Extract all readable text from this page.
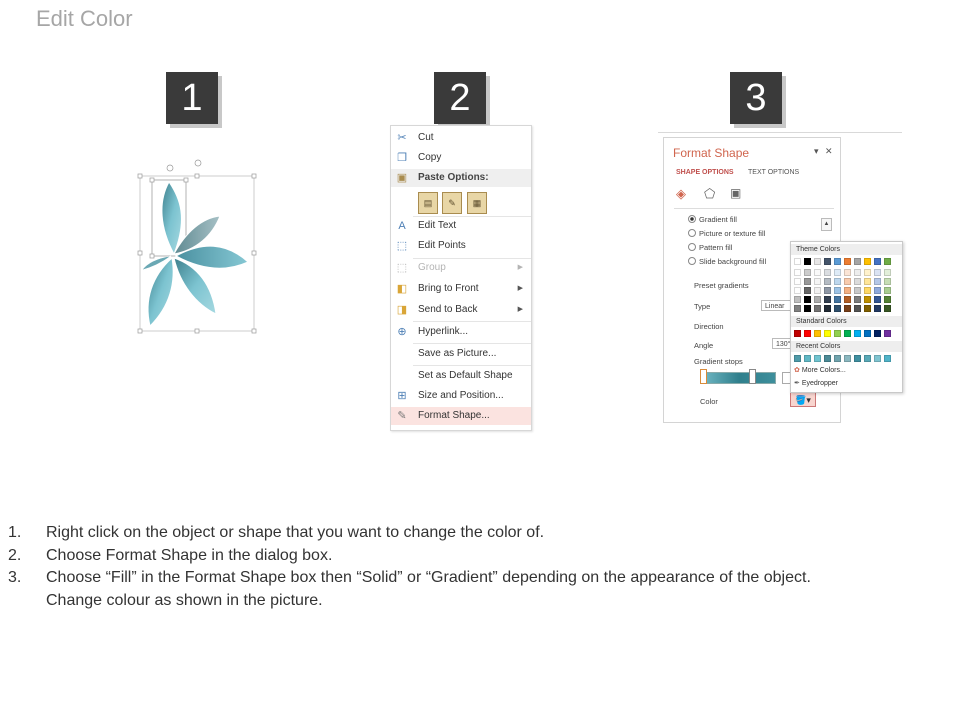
Edit Color
1	2	3
✂ Cut
❐ Copy
▣ Paste Options:
▤	✎	▦
A	Edit Text
⬚ Edit Points
⬚ Group	▶
◧ Bring to Front	▶
◨ Send to Back	▶
⊕ Hyperlink...
Save as Picture...
Set as Default Shape
⊞ Size and Position...
✎ Format Shape...
Format Shape	▾ ✕
SHAPE OPTIONS TEXT OPTIONS
◈	⬠	▣
▲
Gradient fill
Picture or texture fill
Pattern fill
Slide background fill
Preset gradients
Type	Linear
Direction
Angle	130°
Gradient stops
Color	🪣▾
Theme Colors
Standard Colors
Recent Colors
✿ More Colors...
✒ Eyedropper
1. Right click on the object or shape that you want to change the color of.
2. Choose Format Shape in the dialog box.
3. Choose “Fill” in the Format Shape box then “Solid” or “Gradient” depending on the appearance of the object.
Change colour as shown in the picture.
